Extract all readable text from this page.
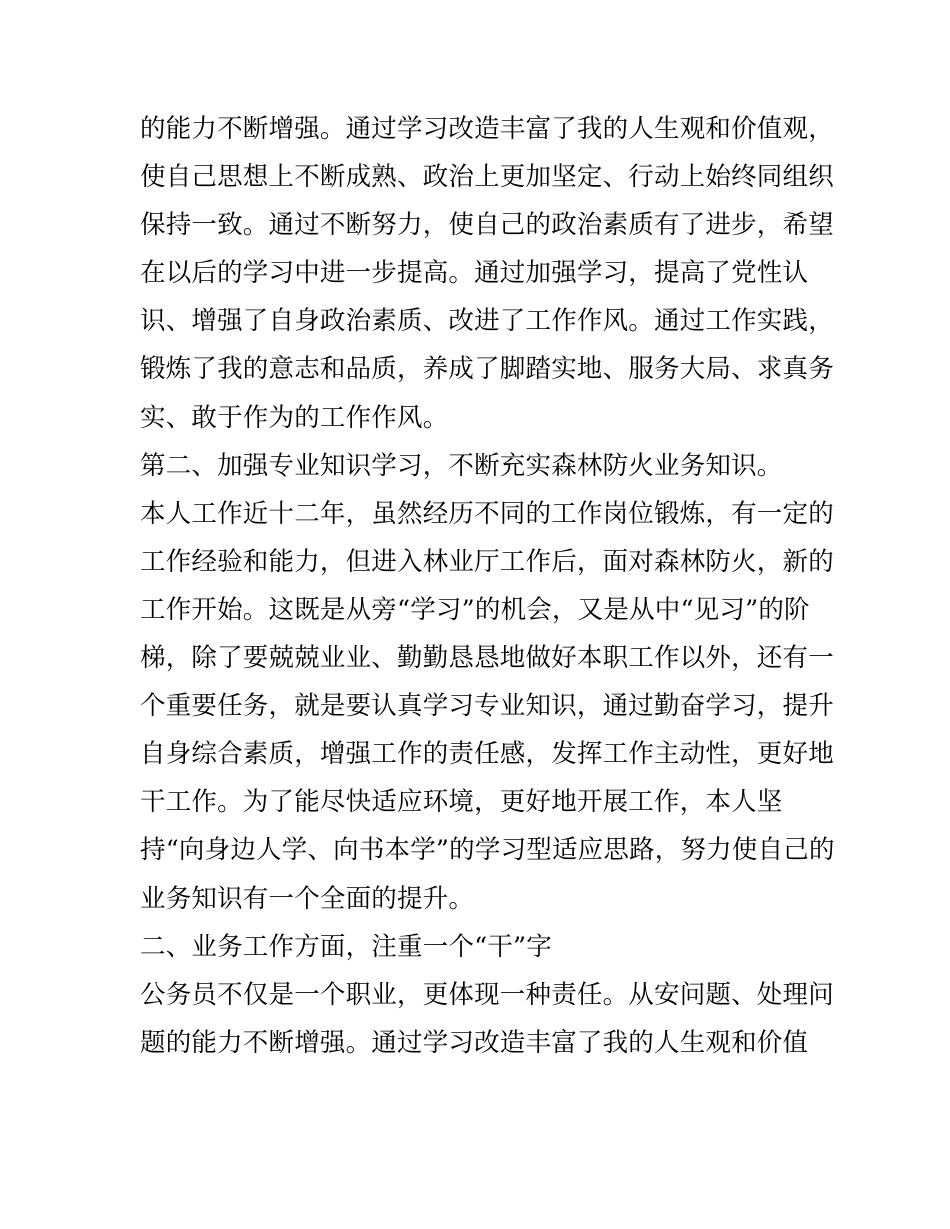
的能力不断增强。通过学习改造丰富了我的人生观和价值观，
使自己思想上不断成熟、政治上更加坚定、行动上始终同组织
保持一致。通过不断努力，使自己的政治素质有了进步，希望
在以后的学习中进一步提高。通过加强学习，提高了党性认
识、增强了自身政治素质、改进了工作作风。通过工作实践，
锻炼了我的意志和品质，养成了脚踏实地、服务大局、求真务
实、敢于作为的工作作风。
第二、加强专业知识学习，不断充实森林防火业务知识。
本人工作近十二年，虽然经历不同的工作岗位锻炼，有一定的
工作经验和能力，但进入林业厅工作后，面对森林防火，新的
工作开始。这既是从旁“学习”的机会，又是从中“见习”的阶
梯，除了要兢兢业业、勤勤恳恳地做好本职工作以外，还有一
个重要任务，就是要认真学习专业知识，通过勤奋学习，提升
自身综合素质，增强工作的责任感，发挥工作主动性，更好地
干工作。为了能尽快适应环境，更好地开展工作，本人坚
持“向身边人学、向书本学”的学习型适应思路，努力使自己的
业务知识有一个全面的提升。
二、业务工作方面，注重一个“干”字
公务员不仅是一个职业，更体现一种责任。从安问题、处理问
题的能力不断增强。通过学习改造丰富了我的人生观和价值
